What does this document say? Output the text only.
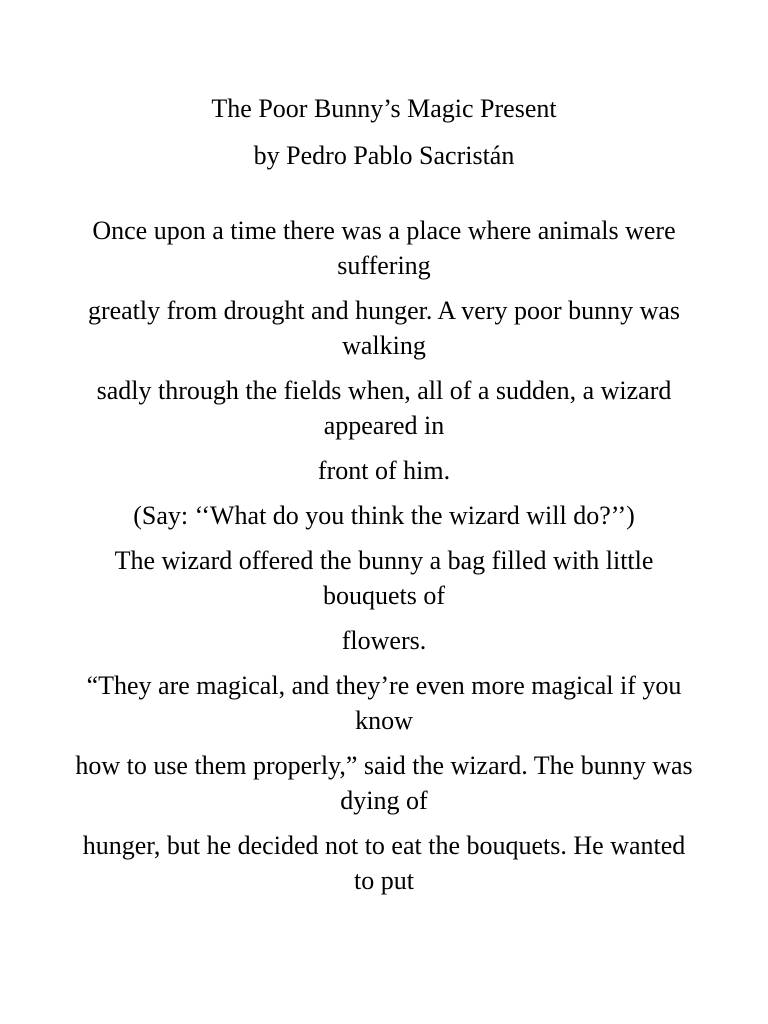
The Poor Bunny’s Magic Present

by Pedro Pablo Sacristán

Once upon a time there was a place where animals were suffering

greatly from drought and hunger. A very poor bunny was walking

sadly through the fields when, all of a sudden, a wizard appeared in

front of him.

(Say: ‘‘What do you think the wizard will do?’’)

The wizard offered the bunny a bag filled with little bouquets of

flowers.

“They are magical, and they’re even more magical if you know

how to use them properly,” said the wizard. The bunny was dying of

hunger, but he decided not to eat the bouquets. He wanted to put
